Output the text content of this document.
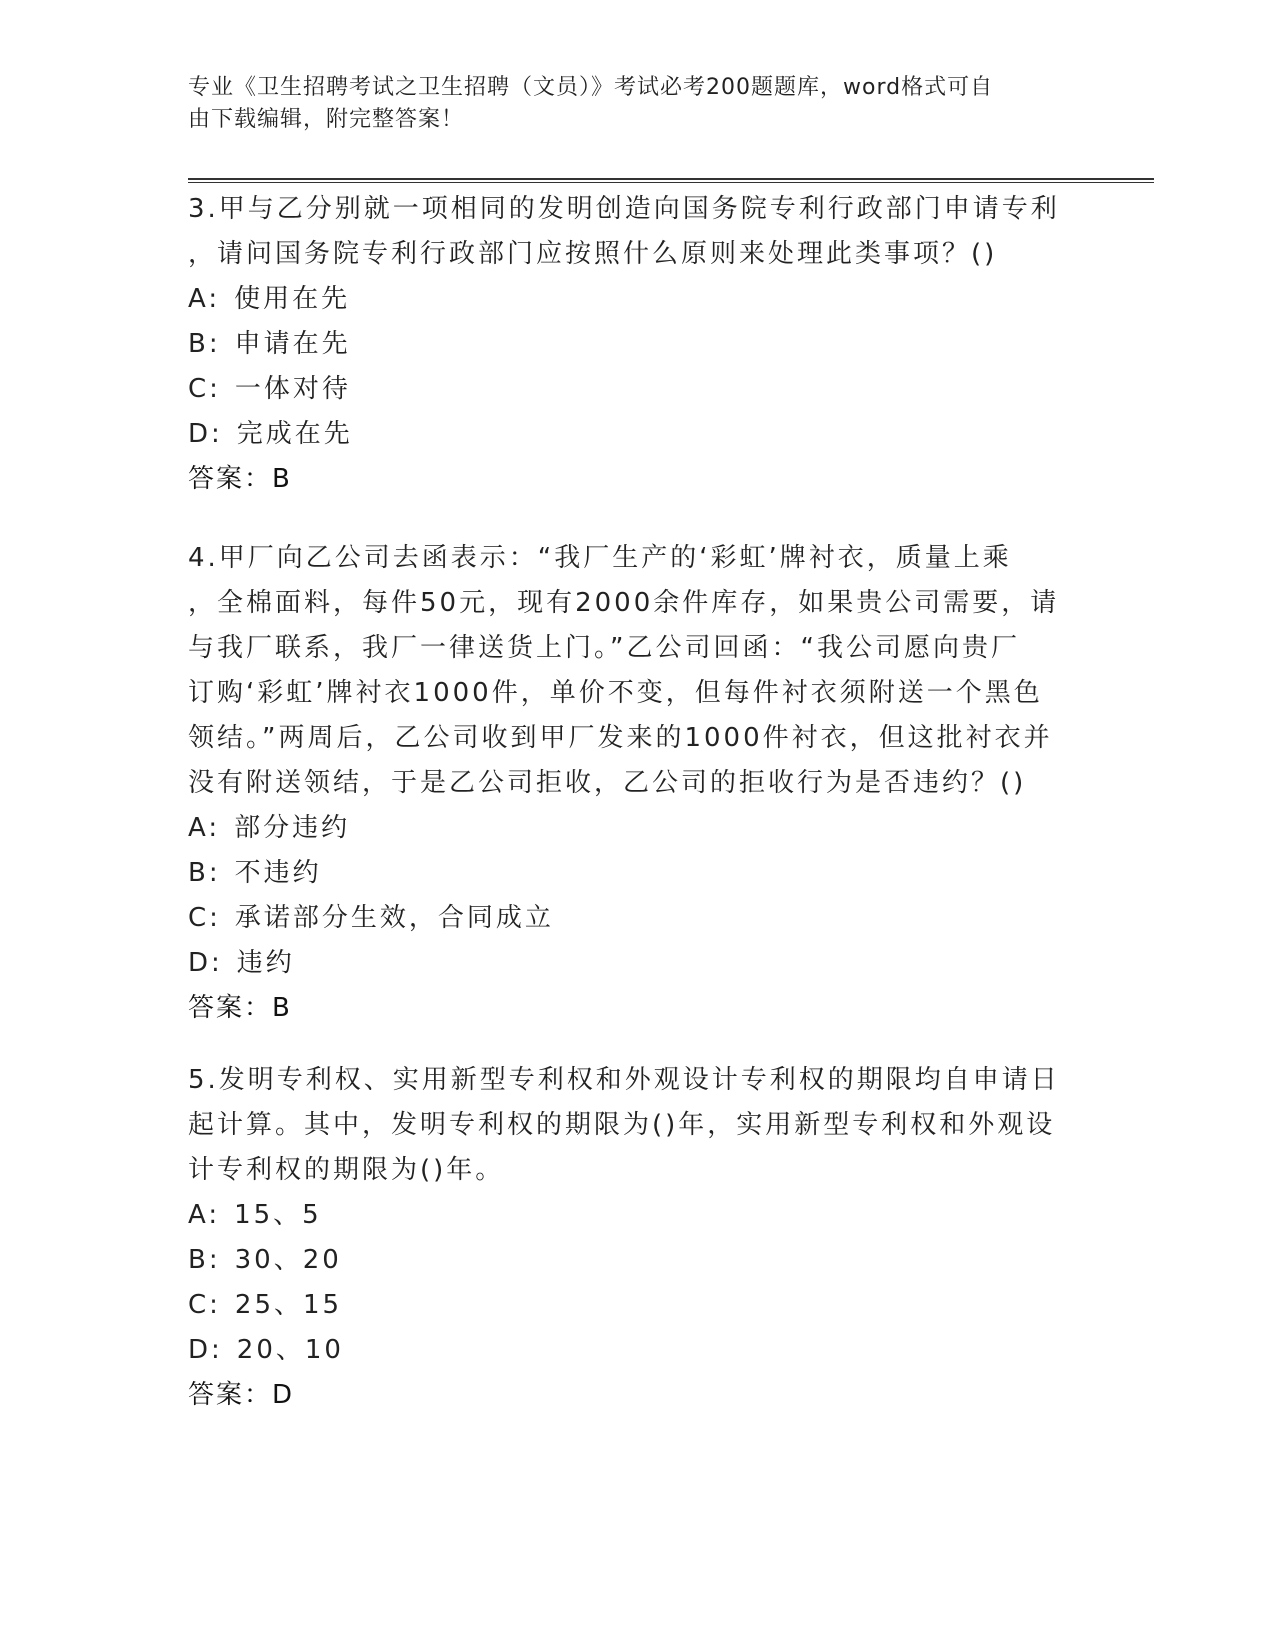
专业《卫生招聘考试之卫生招聘（文员）》考试必考200题题库，word格式可自
由下载编辑，附完整答案！

3.甲与乙分别就一项相同的发明创造向国务院专利行政部门申请专利

，请问国务院专利行政部门应按照什么原则来处理此类事项？()

A: 使用在先

B: 申请在先

C: 一体对待

D: 完成在先

答案：B

4.甲厂向乙公司去函表示：“我厂生产的‘彩虹’牌衬衣，质量上乘

，全棉面料，每件50元，现有2000余件库存，如果贵公司需要，请

与我厂联系，我厂一律送货上门。”乙公司回函：“我公司愿向贵厂

订购‘彩虹’牌衬衣1000件，单价不变，但每件衬衣须附送一个黑色

领结。”两周后，乙公司收到甲厂发来的1000件衬衣，但这批衬衣并

没有附送领结，于是乙公司拒收，乙公司的拒收行为是否违约？()

A: 部分违约

B: 不违约

C: 承诺部分生效，合同成立

D: 违约

答案：B

5.发明专利权、实用新型专利权和外观设计专利权的期限均自申请日

起计算。其中，发明专利权的期限为()年，实用新型专利权和外观设

计专利权的期限为()年。

A: 15、5

B: 30、20

C: 25、15

D: 20、10

答案：D
